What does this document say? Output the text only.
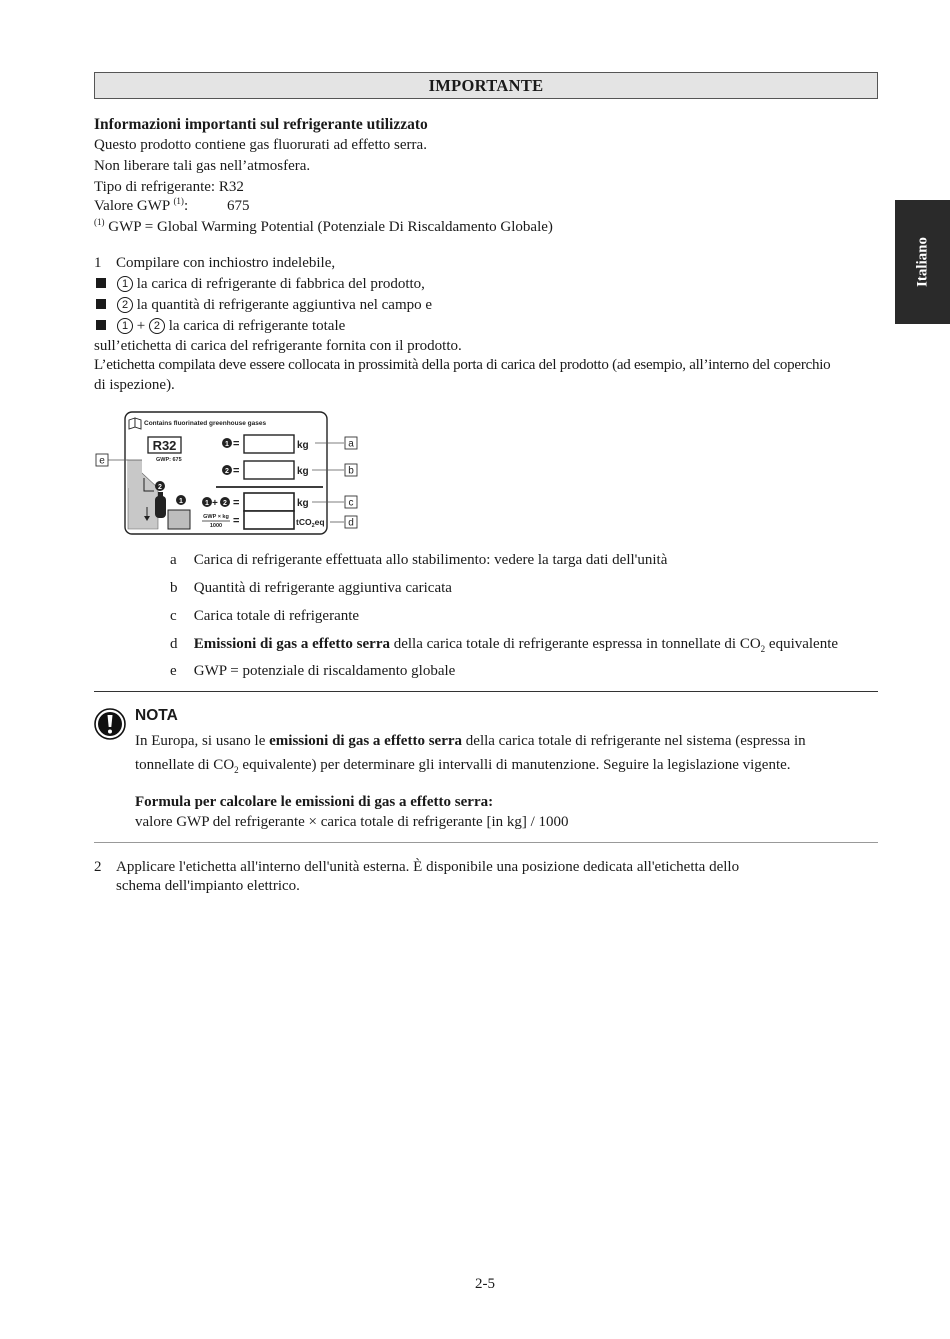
IMPORTANTE
Italiano
Informazioni importanti sul refrigerante utilizzato
Questo prodotto contiene gas fluorurati ad effetto serra.
Non liberare tali gas nell’atmosfera.
Tipo di refrigerante: R32
Valore GWP $^{(1)}$:	675
$^{(1)}$ GWP = Global Warming Potential (Potenziale Di Riscaldamento Globale)
1 Compilare con inchiostro indelebile,
1 la carica di refrigerante di fabbrica del prodotto,
2 la quantità di refrigerante aggiuntiva nel campo e
1 + 2 la carica di refrigerante totale
sull’etichetta di carica del refrigerante fornita con il prodotto.
L’etichetta compilata deve essere collocata in prossimità della porta di carica del prodotto (ad esempio, all’interno del coperchio
di ispezione).
Contains fluorinated greenhouse gases
R32
GWP: 675
2
1
1 =	kg
2 =	kg
1 + 2 =	kg
GWP × kg
1000 =	tCO$_2$eq
a
b
c
d
e
a Carica di refrigerante effettuata allo stabilimento: vedere la targa dati dell'unità
b Quantità di refrigerante aggiuntiva caricata
c Carica totale di refrigerante
d Emissioni di gas a effetto serra della carica totale di refrigerante espressa in tonnellate di $CO_2$ equivalente
e GWP = potenziale di riscaldamento globale
NOTA
In Europa, si usano le emissioni di gas a effetto serra della carica totale di refrigerante nel sistema (espressa in
tonnellate di $CO_2$ equivalente) per determinare gli intervalli di manutenzione. Seguire la legislazione vigente.
Formula per calcolare le emissioni di gas a effetto serra:
valore GWP del refrigerante × carica totale di refrigerante [in kg] / 1000
2 Applicare l'etichetta all'interno dell'unità esterna. È disponibile una posizione dedicata all'etichetta dello
schema dell'impianto elettrico.
2-5
